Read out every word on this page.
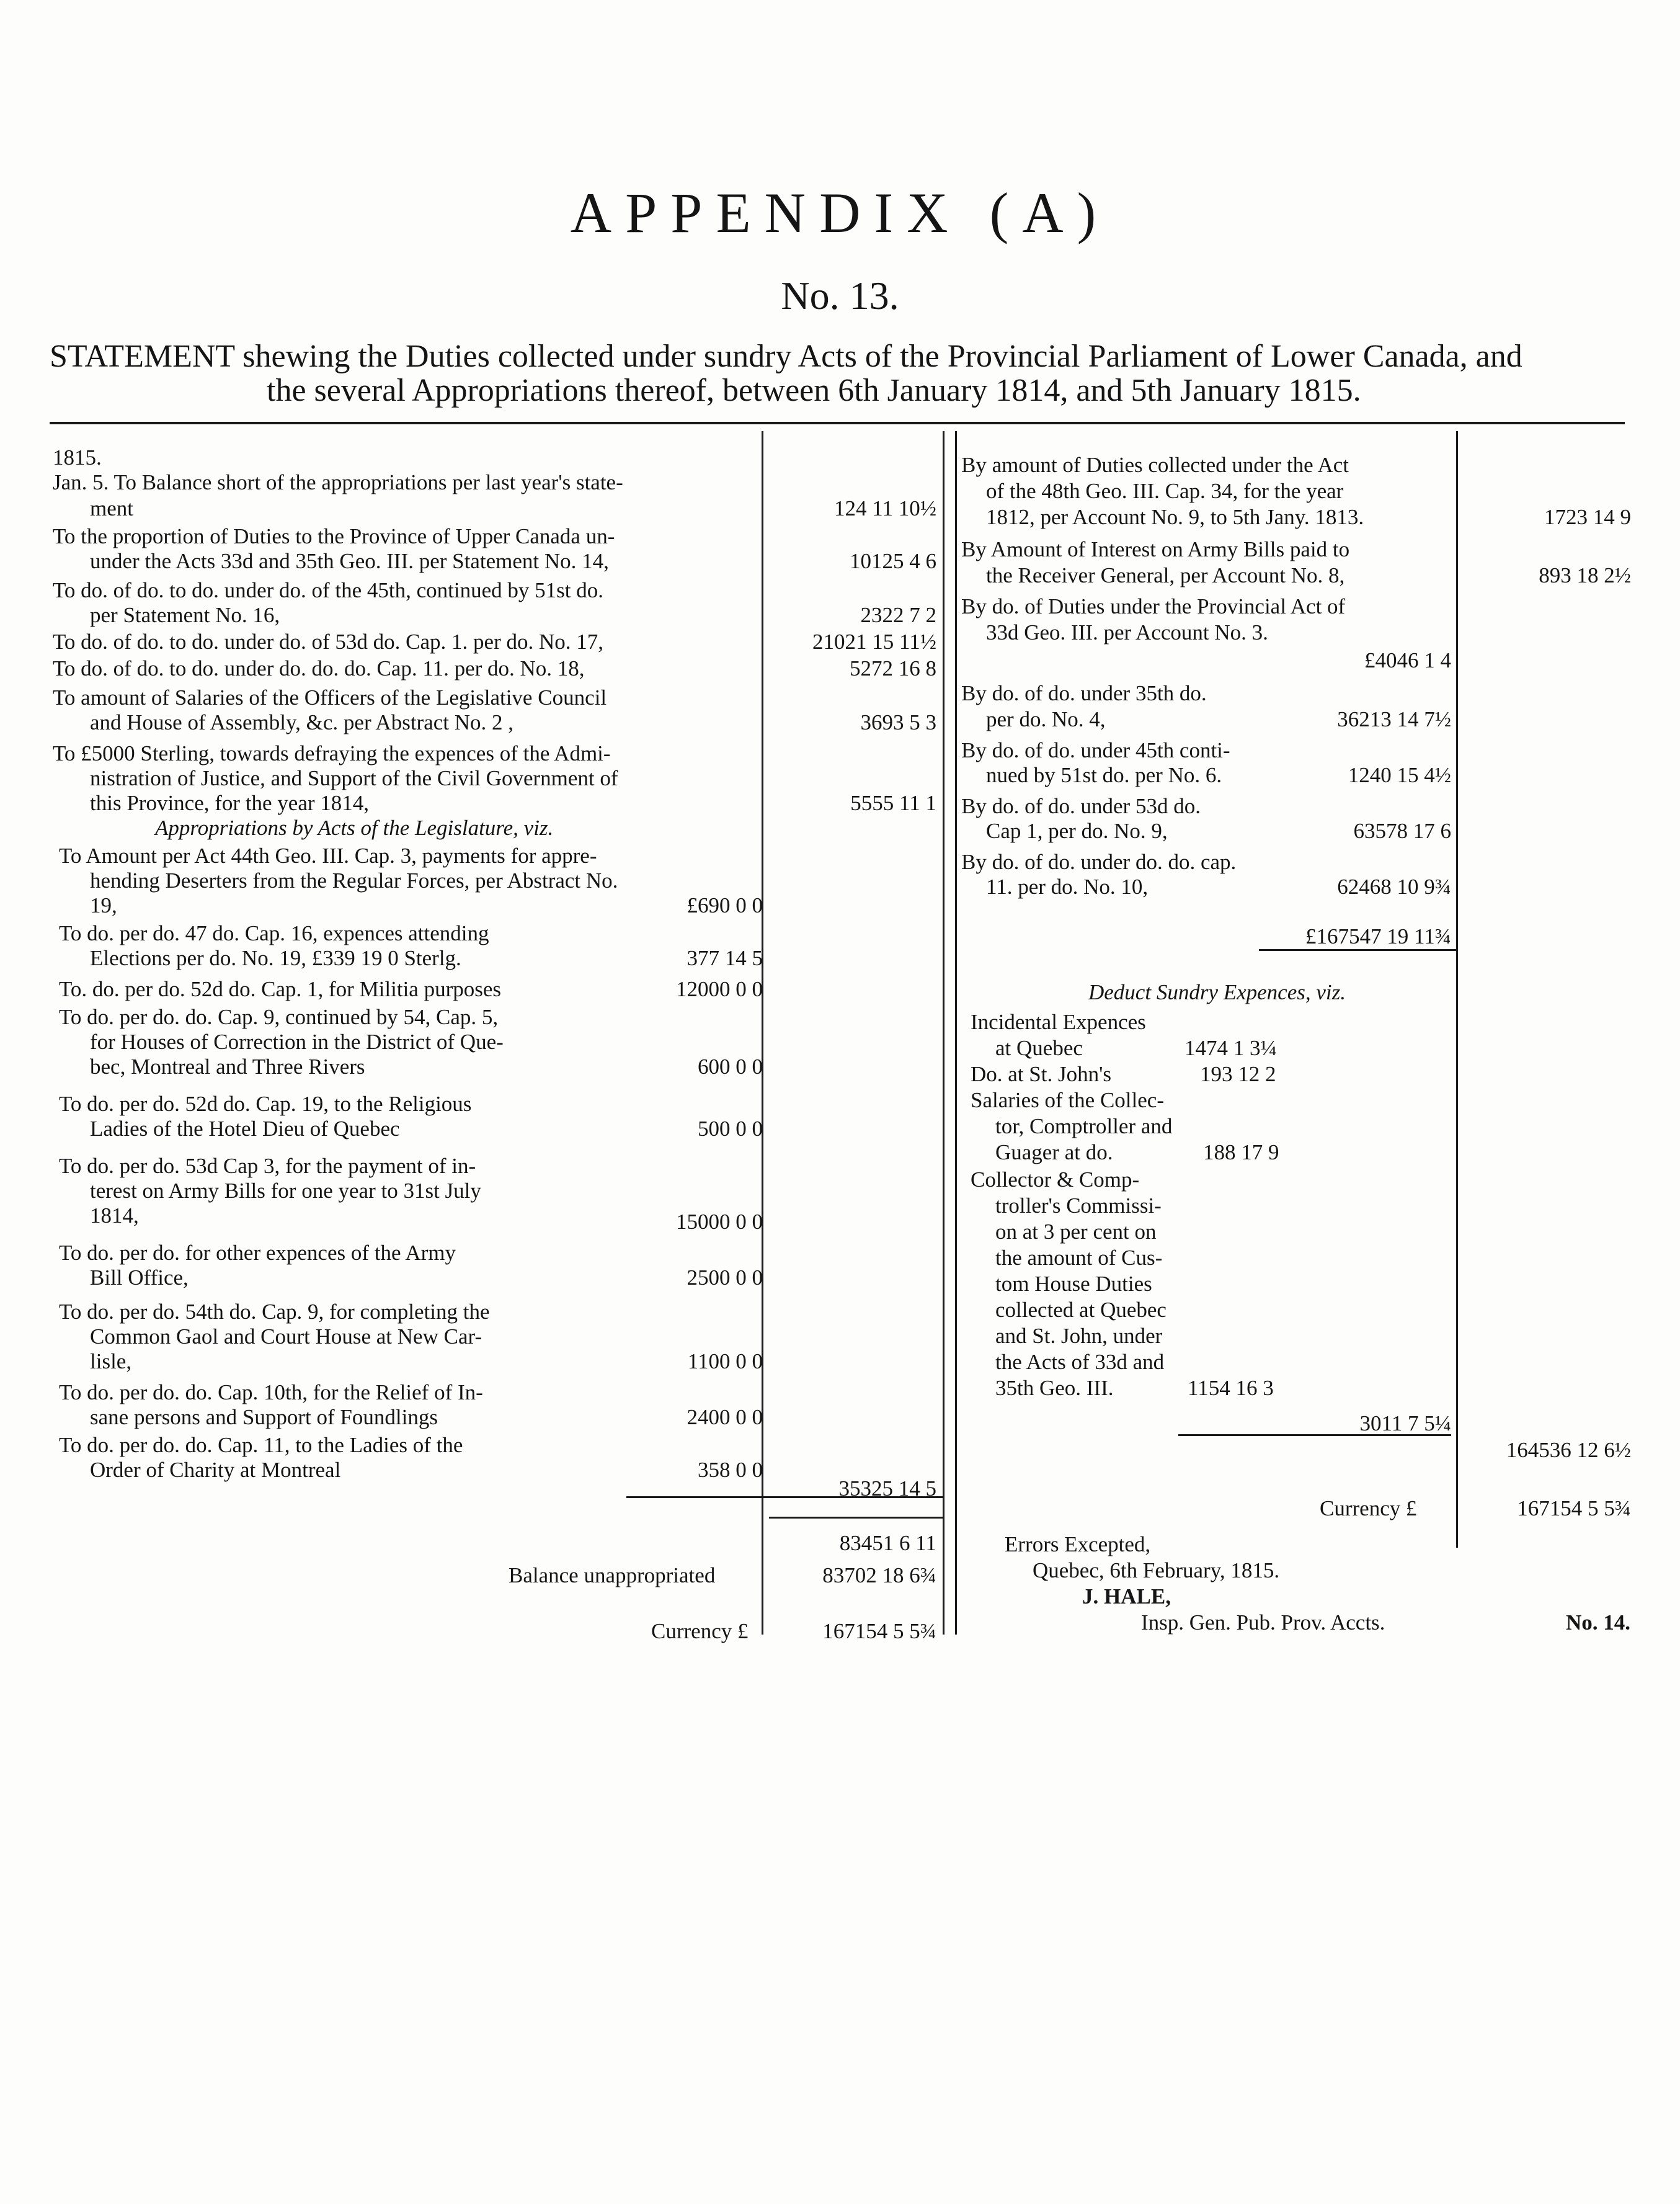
APPENDIX (A)
No. 13.
STATEMENT shewing the Duties collected under sundry Acts of the Provincial Parliament of Lower Canada, and
the several Appropriations thereof, between 6th January 1814, and 5th January 1815.
1815.
Jan. 5. To Balance short of the appropriations per last year's state-
ment	124 11 10½
To the proportion of Duties to the Province of Upper Canada un-
under the Acts 33d and 35th Geo. III. per Statement No. 14,	10125 4 6
To do. of do. to do. under do. of the 45th, continued by 51st do.
per Statement No. 16,	2322 7 2
To do. of do. to do. under do. of 53d do. Cap. 1. per do. No. 17,	21021 15 11½
To do. of do. to do. under do. do. do. Cap. 11. per do. No. 18,	5272 16 8
To amount of Salaries of the Officers of the Legislative Council
and House of Assembly, &c. per Abstract No. 2 ,	3693 5 3
To £5000 Sterling, towards defraying the expences of the Admi-
nistration of Justice, and Support of the Civil Government of
this Province, for the year 1814,	5555 11 1
Appropriations by Acts of the Legislature, viz.
To Amount per Act 44th Geo. III. Cap. 3, payments for appre-
hending Deserters from the Regular Forces, per Abstract No.
19,	£690 0 0
To do. per do. 47 do. Cap. 16, expences attending
Elections per do. No. 19, £339 19 0 Sterlg.	377 14 5
To. do. per do. 52d do. Cap. 1, for Militia purposes	12000 0 0
To do. per do. do. Cap. 9, continued by 54, Cap. 5,
for Houses of Correction in the District of Que-
bec, Montreal and Three Rivers	600 0 0
To do. per do. 52d do. Cap. 19, to the Religious
Ladies of the Hotel Dieu of Quebec	500 0 0
To do. per do. 53d Cap 3, for the payment of in-
terest on Army Bills for one year to 31st July
1814,	15000 0 0
To do. per do. for other expences of the Army
Bill Office,	2500 0 0
To do. per do. 54th do. Cap. 9, for completing the
Common Gaol and Court House at New Car-
lisle,	1100 0 0
To do. per do. do. Cap. 10th, for the Relief of In-
sane persons and Support of Foundlings	2400 0 0
To do. per do. do. Cap. 11, to the Ladies of the
Order of Charity at Montreal	358 0 0
35325 14 5
83451 6 11
Balance unappropriated	83702 18 6¾
Currency £	167154 5 5¾
By amount of Duties collected under the Act
of the 48th Geo. III. Cap. 34, for the year
1812, per Account No. 9, to 5th Jany. 1813.	1723 14 9
By Amount of Interest on Army Bills paid to
the Receiver General, per Account No. 8,	893 18 2½
By do. of Duties under the Provincial Act of
33d Geo. III. per Account No. 3.
£4046 1 4
By do. of do. under 35th do.
per do. No. 4,	36213 14 7½
By do. of do. under 45th conti-
nued by 51st do. per No. 6.	1240 15 4½
By do. of do. under 53d do.
Cap 1, per do. No. 9,	63578 17 6
By do. of do. under do. do. cap.
11. per do. No. 10,	62468 10 9¾
£167547 19 11¾
Deduct Sundry Expences, viz.
Incidental Expences
at Quebec	1474 1 3¼
Do. at St. John's	193 12 2
Salaries of the Collec-
tor, Comptroller and
Guager at do.	188 17 9
Collector & Comp-
troller's Commissi-
on at 3 per cent on
the amount of Cus-
tom House Duties
collected at Quebec
and St. John, under
the Acts of 33d and
35th Geo. III.	1154 16 3
3011 7 5¼
164536 12 6½
Currency £	167154 5 5¾
Errors Excepted,
Quebec, 6th February, 1815.
J. HALE,
Insp. Gen. Pub. Prov. Accts.	No. 14.
